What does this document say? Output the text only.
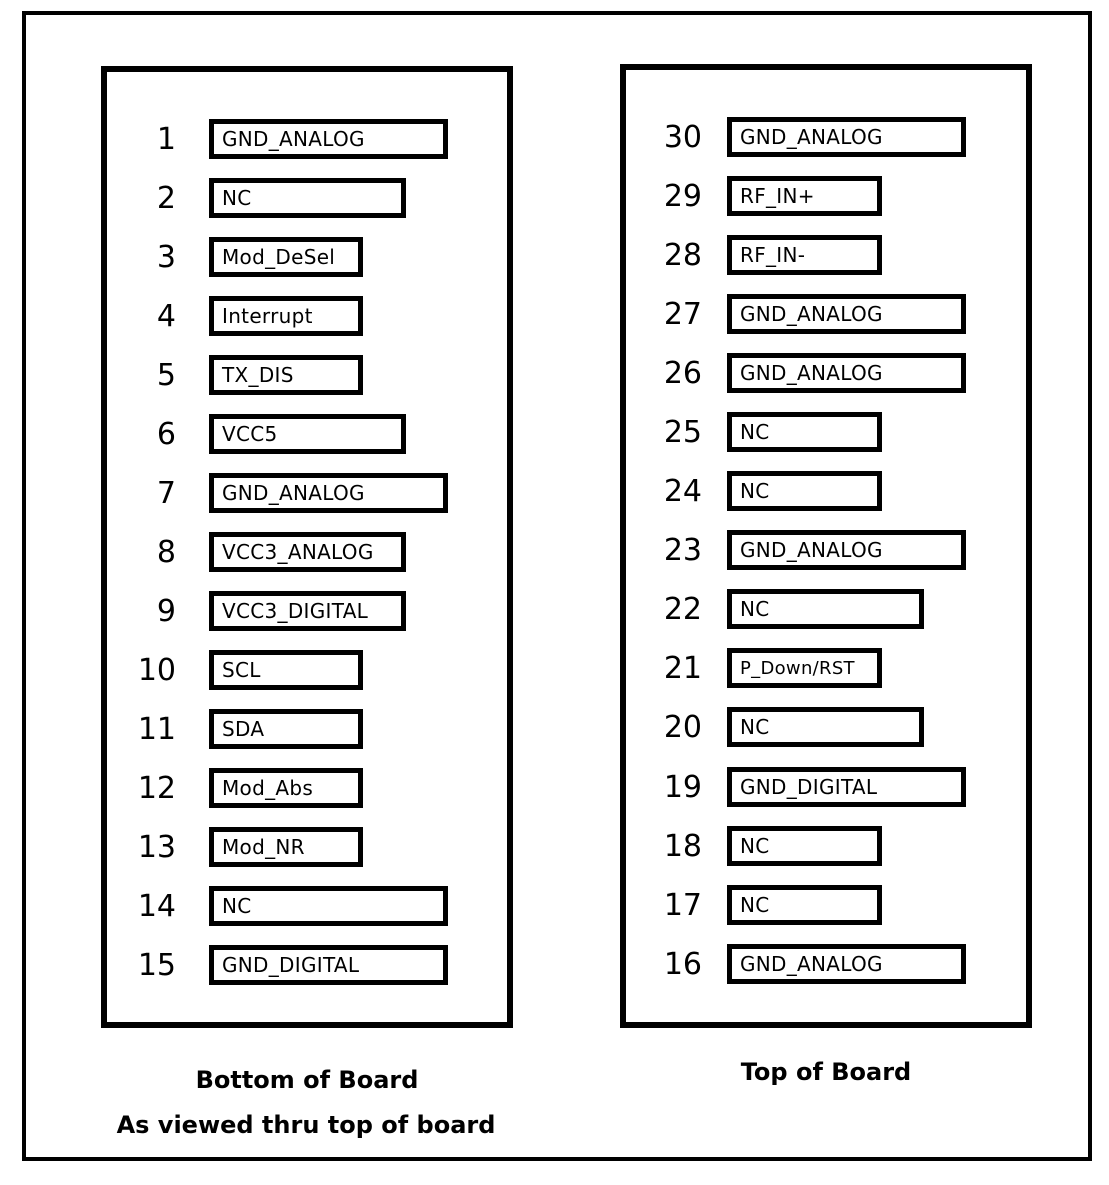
1	GND_ANALOG
2	NC
3	Mod_DeSel
4	Interrupt
5	TX_DIS
6	VCC5
7	GND_ANALOG
8	VCC3_ANALOG
9	VCC3_DIGITAL
10	SCL
11	SDA
12	Mod_Abs
13	Mod_NR
14	NC
15	GND_DIGITAL
30	GND_ANALOG
29	RF_IN+
28	RF_IN-
27	GND_ANALOG
26	GND_ANALOG
25	NC
24	NC
23	GND_ANALOG
22	NC
21	P_Down/RST
20	NC
19	GND_DIGITAL
18	NC
17	NC
16	GND_ANALOG
Bottom of Board
As viewed thru top of board
Top of Board
